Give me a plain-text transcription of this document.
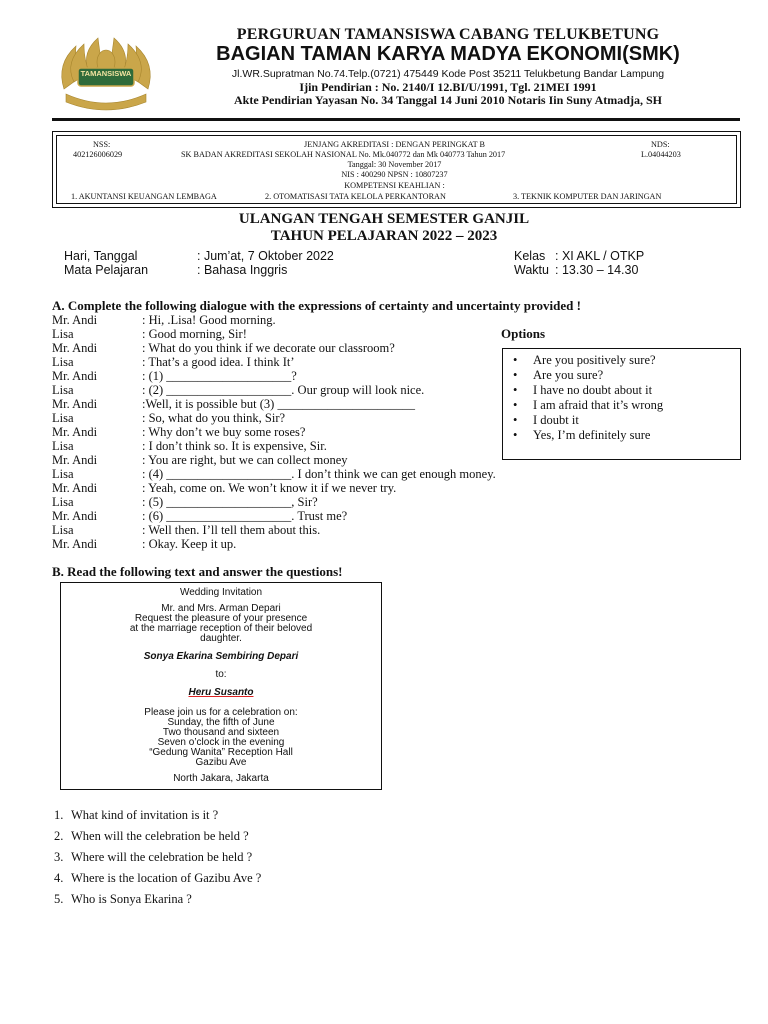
TAMANSISWA
PERGURUAN TAMANSISWA CABANG TELUKBETUNG
BAGIAN TAMAN KARYA MADYA EKONOMI(SMK)
Jl.WR.Supratman No.74.Telp.(0721) 475449 Kode Post 35211 Telukbetung Bandar Lampung
Ijin Pendirian : No. 2140/I 12.BI/U/1991, Tgl. 21MEI 1991
Akte Pendirian Yayasan No. 34 Tanggal 14 Juni 2010 Notaris Iin Suny Atmadja, SH
NSS:
402126006029
JENJANG AKREDITASI : DENGAN PERINGKAT B
SK BADAN AKREDITASI SEKOLAH NASIONAL No. Mk.040772 dan Mk 040773 Tahun 2017
Tanggal: 30 November 2017
NIS : 400290 NPSN : 10807237
NDS:
L.04044203
KOMPETENSI KEAHLIAN :
1. AKUNTANSI KEUANGAN LEMBAGA	2. OTOMATISASI TATA KELOLA PERKANTORAN	3. TEKNIK KOMPUTER DAN JARINGAN
ULANGAN TENGAH SEMESTER GANJIL
TAHUN PELAJARAN 2022 – 2023
Hari, Tanggal	: Jum’at, 7 Oktober 2022
Mata Pelajaran	: Bahasa Inggris
Kelas : XI AKL / OTKP
Waktu : 13.30 – 14.30
A. Complete the following dialogue with the expressions of certainty and uncertainty provided !
Mr. Andi	: Hi, .Lisa! Good morning.
Lisa	: Good morning, Sir!
Mr. Andi	: What do you think if we decorate our classroom?
Lisa	: That’s a good idea. I think It’
Mr. Andi	: (1) ____________________?
Lisa	: (2) ____________________. Our group will look nice.
Mr. Andi	:Well, it is possible but (3) ______________________
Lisa	: So, what do you think, Sir?
Mr. Andi	: Why don’t we buy some roses?
Lisa	: I don’t think so. It is expensive, Sir.
Mr. Andi	: You are right, but we can collect money
Lisa	: (4) ____________________. I don’t think we can get enough money.
Mr. Andi	: Yeah, come on. We won’t know it if we never try.
Lisa	: (5) ____________________, Sir?
Mr. Andi	: (6) ____________________. Trust me?
Lisa	: Well then. I’ll tell them about this.
Mr. Andi	: Okay. Keep it up.
Options
• Are you positively sure?
• Are you sure?
• I have no doubt about it
• I am afraid that it’s wrong
• I doubt it
• Yes, I’m definitely sure
B. Read the following text and answer the questions!
Wedding Invitation
Mr. and Mrs. Arman Depari
Request the pleasure of your presence
at the marriage reception of their beloved
daughter.
Sonya Ekarina Sembiring Depari
to:
Heru Susanto
Please join us for a celebration on:
Sunday, the fifth of June
Two thousand and sixteen
Seven o’clock in the evening
“Gedung Wanita” Reception Hall
Gazibu Ave
North Jakara, Jakarta
1. What kind of invitation is it ?
2. When will the celebration be held ?
3. Where will the celebration be held ?
4. Where is the location of Gazibu Ave ?
5. Who is Sonya Ekarina ?
